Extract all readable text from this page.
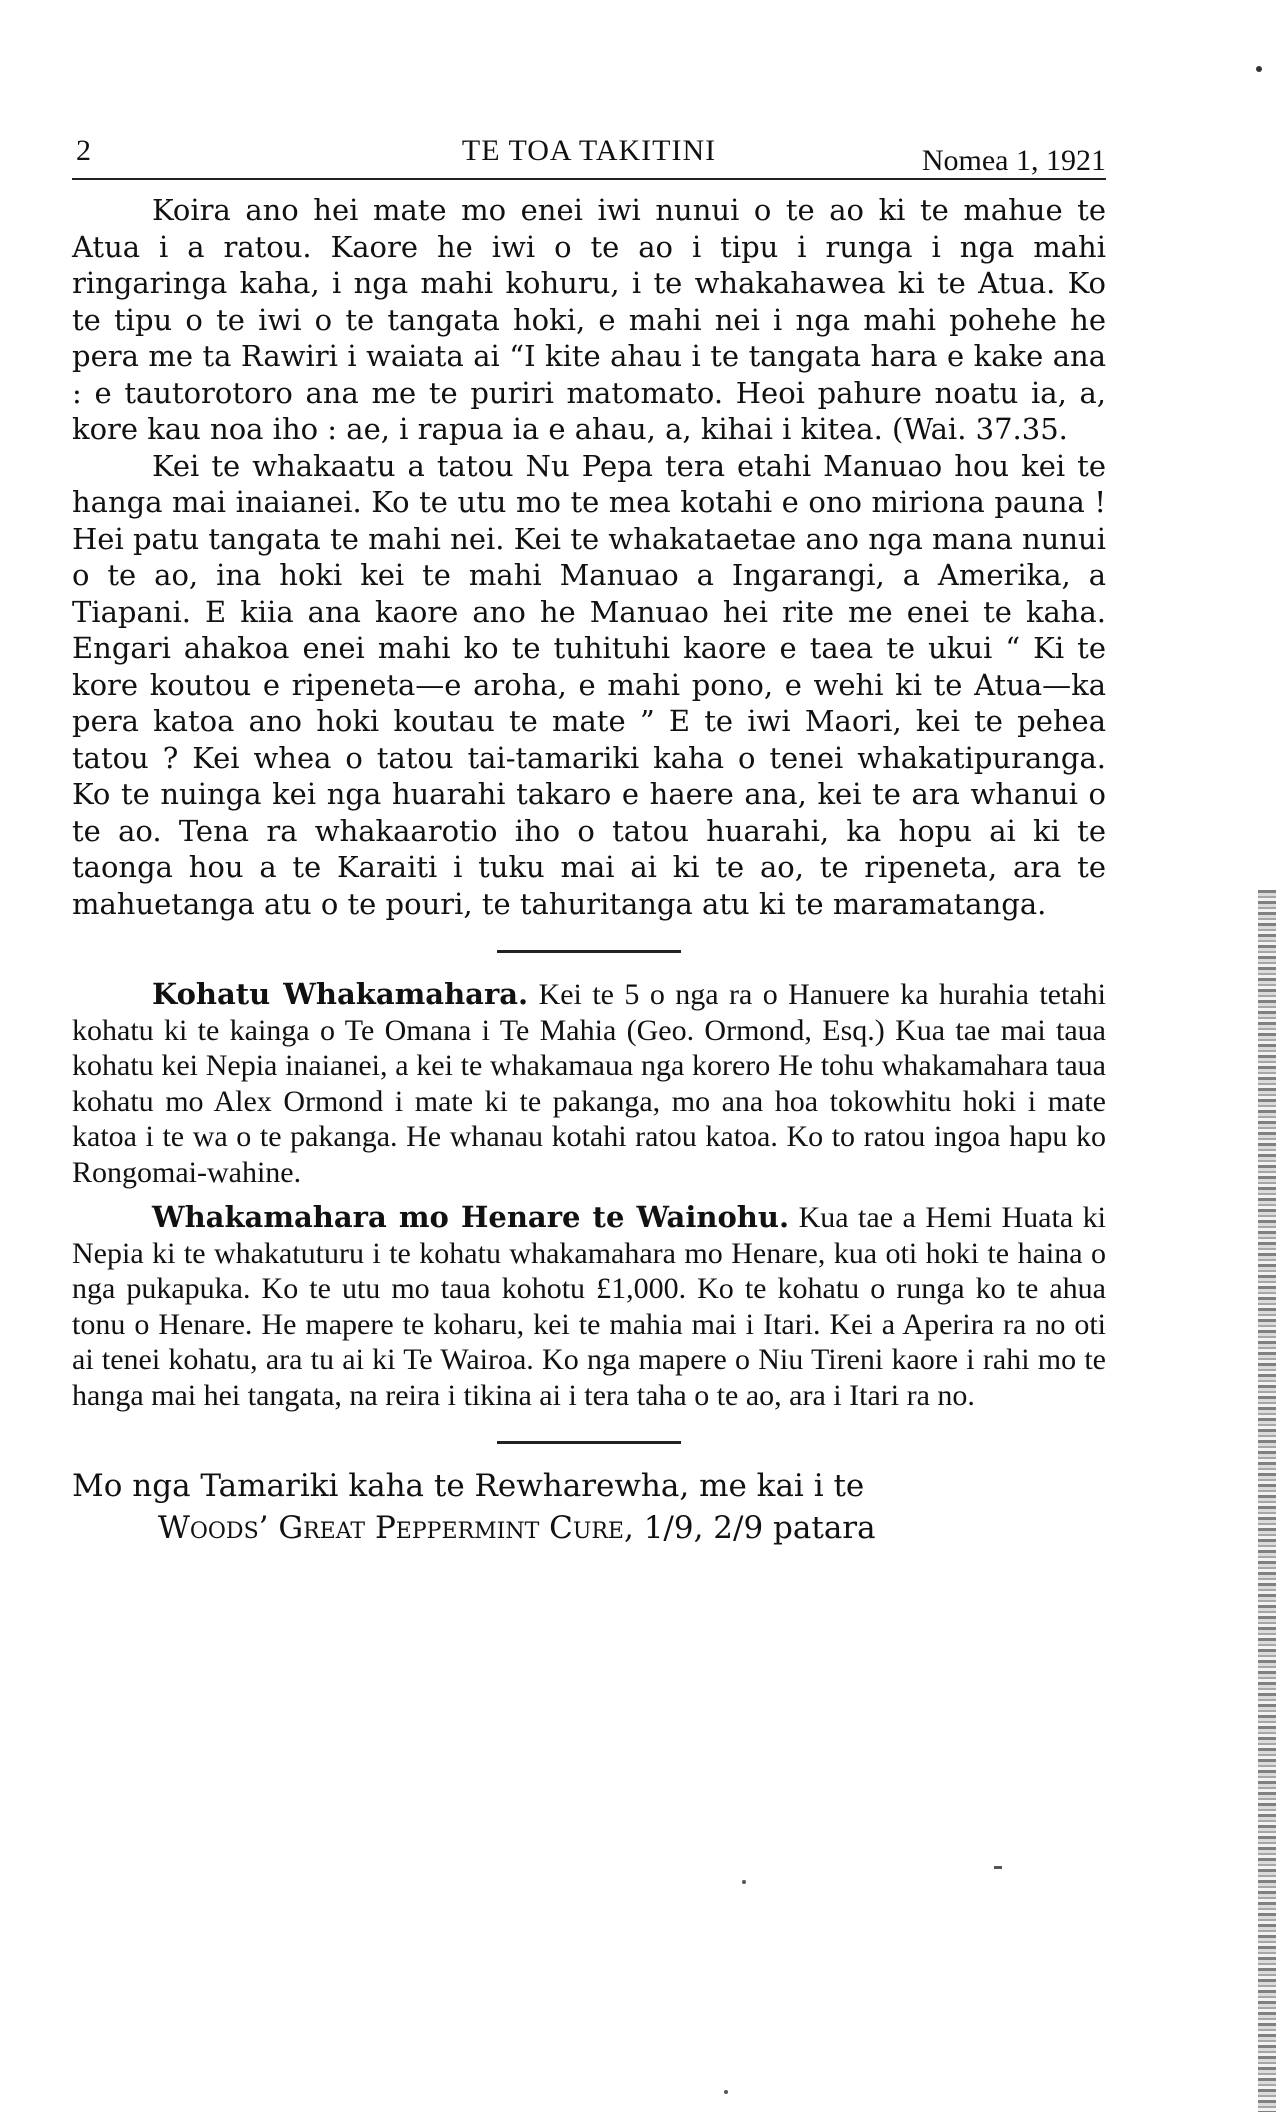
2	TE TOA TAKITINI	Nomea 1, 1921

Koira ano hei mate mo enei iwi nunui o te ao ki te mahue te Atua i a ratou. Kaore he iwi o te ao i tipu i runga i nga mahi ringaringa kaha, i nga mahi kohuru, i te whakahawea ki te Atua. Ko te tipu o te iwi o te tangata hoki, e mahi nei i nga mahi pohehe he pera me ta Rawiri i waiata ai “I kite ahau i te tangata hara e kake ana : e tautorotoro ana me te puriri matomato. Heoi pahure noatu ia, a, kore kau noa iho : ae, i rapua ia e ahau, a, kihai i kitea. (Wai. 37.35.

Kei te whakaatu a tatou Nu Pepa tera etahi Manuao hou kei te hanga mai inaianei. Ko te utu mo te mea kotahi e ono miriona pauna ! Hei patu tangata te mahi nei. Kei te whakataetae ano nga mana nunui o te ao, ina hoki kei te mahi Manuao a Ingarangi, a Amerika, a Tiapani. E kiia ana kaore ano he Manuao hei rite me enei te kaha. Engari ahakoa enei mahi ko te tuhituhi kaore e taea te ukui “ Ki te kore koutou e ripeneta—e aroha, e mahi pono, e wehi ki te Atua—ka pera katoa ano hoki koutau te mate ” E te iwi Maori, kei te pehea tatou ? Kei whea o tatou tai-tamariki kaha o tenei whakatipuranga. Ko te nuinga kei nga huarahi takaro e haere ana, kei te ara whanui o te ao. Tena ra whakaarotio iho o tatou huarahi, ka hopu ai ki te taonga hou a te Karaiti i tuku mai ai ki te ao, te ripeneta, ara te mahuetanga atu o te pouri, te tahuritanga atu ki te maramatanga.

Kohatu Whakamahara. Kei te 5 o nga ra o Hanuere ka hurahia tetahi kohatu ki te kainga o Te Omana i Te Mahia (Geo. Ormond, Esq.) Kua tae mai taua kohatu kei Nepia inaianei, a kei te whakamaua nga korero He tohu whakamahara taua kohatu mo Alex Ormond i mate ki te pakanga, mo ana hoa tokowhitu hoki i mate katoa i te wa o te pakanga. He whanau kotahi ratou katoa. Ko to ratou ingoa hapu ko Rongomai-wahine.

Whakamahara mo Henare te Wainohu. Kua tae a Hemi Huata ki Nepia ki te whakatuturu i te kohatu whakamahara mo Henare, kua oti hoki te haina o nga pukapuka. Ko te utu mo taua kohotu £1,000. Ko te kohatu o runga ko te ahua tonu o Henare. He mapere te koharu, kei te mahia mai i Itari. Kei a Aperira ra no oti ai tenei kohatu, ara tu ai ki Te Wairoa. Ko nga mapere o Niu Tireni kaore i rahi mo te hanga mai hei tangata, na reira i tikina ai i tera taha o te ao, ara i Itari ra no.

Mo nga Tamariki kaha te Rewharewha, me kai i te
Woods’ Great Peppermint Cure, 1/9, 2/9 patara
